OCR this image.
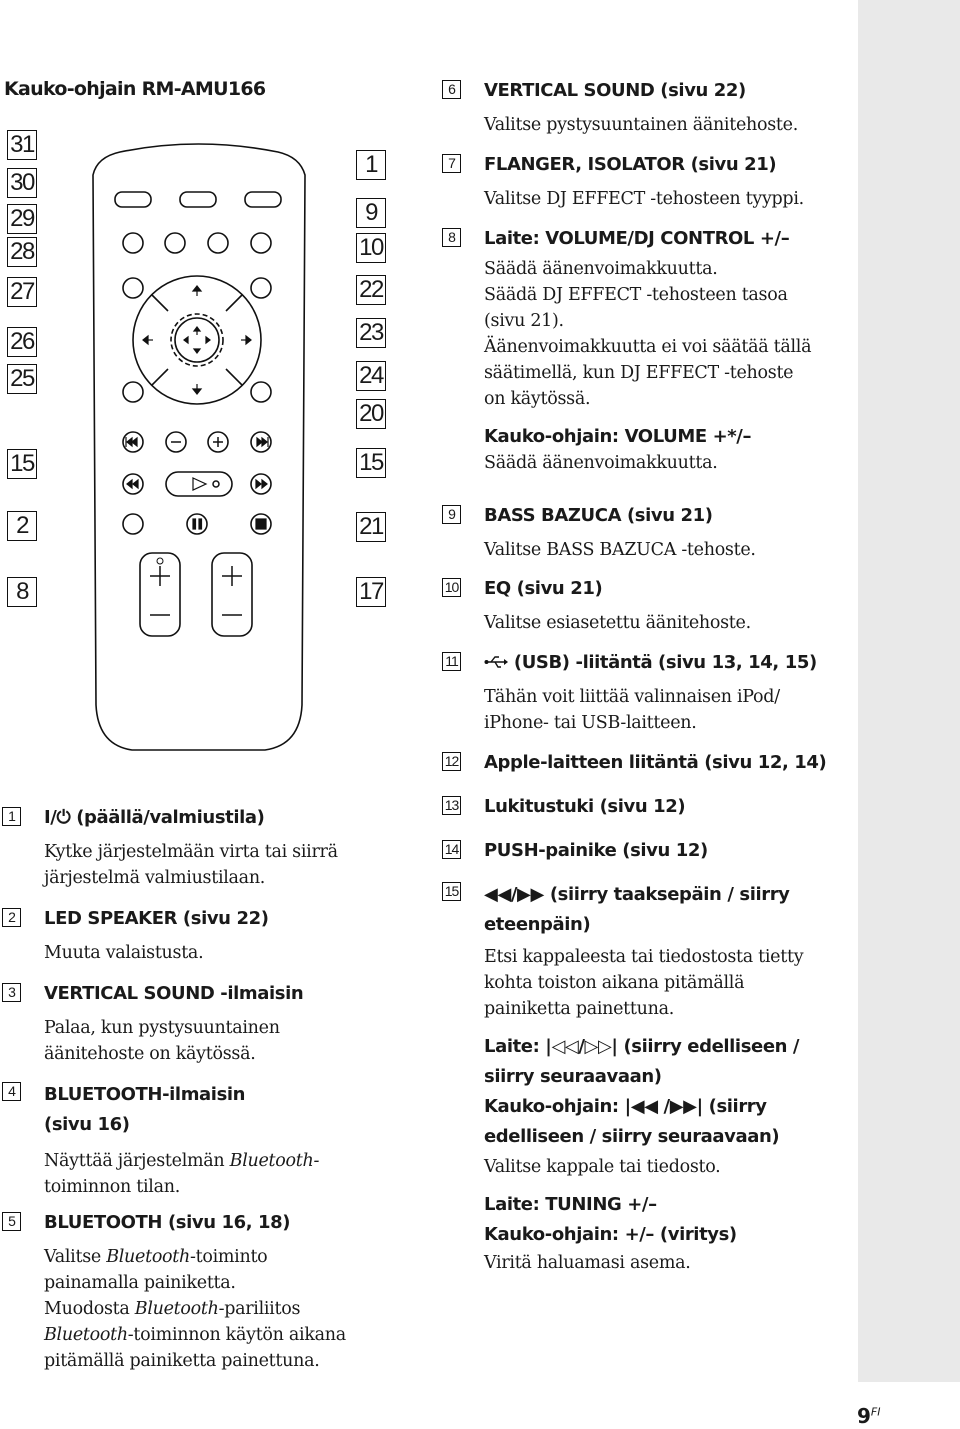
Kauko-ohjain RM-AMU166
31
30
29
28
27
26
25
15
2
8
1
9
10
22
23
24
20
15
21
17
1	I/⏻ (päällä/valmiustila)
Kytke järjestelmään virta tai siirrä
järjestelmä valmiustilaan.
2	LED SPEAKER (sivu 22)
Muuta valaistusta.
3	VERTICAL SOUND -ilmaisin
Palaa, kun pystysuuntainen
äänitehoste on käytössä.
4	BLUETOOTH-ilmaisin
(sivu 16)
Näyttää järjestelmän Bluetooth-
toiminnon tilan.
5	BLUETOOTH (sivu 16, 18)
Valitse Bluetooth-toiminto
painamalla painiketta.
Muodosta Bluetooth-pariliitos
Bluetooth-toiminnon käytön aikana
pitämällä painiketta painettuna.
6	VERTICAL SOUND (sivu 22)
Valitse pystysuuntainen äänitehoste.
7	FLANGER, ISOLATOR (sivu 21)
Valitse DJ EFFECT -tehosteen tyyppi.
8	Laite: VOLUME/DJ CONTROL +/–
Säädä äänenvoimakkuutta.
Säädä DJ EFFECT -tehosteen tasoa
(sivu 21).
Äänenvoimakkuutta ei voi säätää tällä
säätimellä, kun DJ EFFECT -tehoste
on käytössä.
Kauko-ohjain: VOLUME +*/–
Säädä äänenvoimakkuutta.
9	BASS BAZUCA (sivu 21)
Valitse BASS BAZUCA -tehoste.
10 EQ (sivu 21)
Valitse esiasetettu äänitehoste.
11	(USB) -liitäntä (sivu 13, 14, 15)
Tähän voit liittää valinnaisen iPod/
iPhone- tai USB-laitteen.
12 Apple-laitteen liitäntä (sivu 12, 14)
13 Lukitustuki (sivu 12)
14 PUSH-painike (sivu 12)
15 ◀◀/▶▶ (siirry taaksepäin / siirry
eteenpäin)
Etsi kappaleesta tai tiedostosta tietty
kohta toiston aikana pitämällä
painiketta painettuna.
Laite: |◁◁/▷▷| (siirry edelliseen /
siirry seuraavaan)
Kauko-ohjain: |◀◀ /▶▶| (siirry
edelliseen / siirry seuraavaan)
Valitse kappale tai tiedosto.
Laite: TUNING +/–
Kauko-ohjain: +/– (viritys)
Viritä haluamasi asema.
$9^{FI}$
